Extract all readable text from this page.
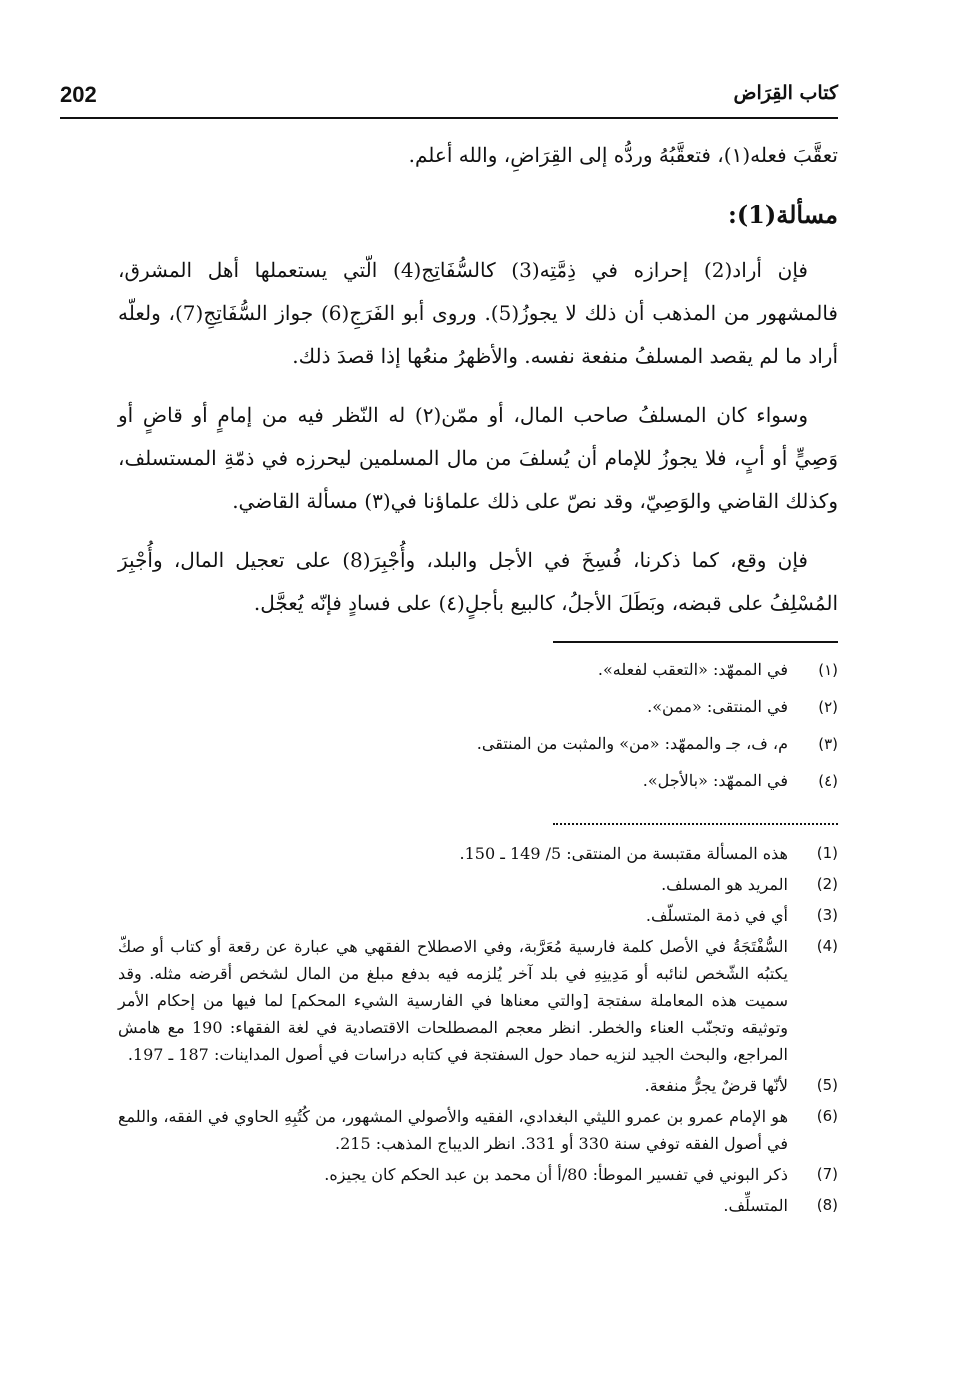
202	كتاب القِرَاض

تعقَّبَ فعله(١)، فتعقَّبُهُ وردُّه إلى القِرَاضِ، والله أعلم.

مسألة(1):

فإن أراد(2) إحرازه في ذِمَّتِه(3) كالسُّفَاتِج(4) الّتي يستعملها أهل المشرق، فالمشهور من المذهب أن ذلك لا يجوزُ(5). وروى أبو الفَرَجِ(6) جواز السُّفَاتِجِ(7)، ولعلّه أراد ما لم يقصد المسلفُ منفعة نفسه. والأظهرُ منعُها إذا قصدَ ذلك.

وسواء كان المسلفُ صاحب المال، أو ممّن(٢) له النّظر فيه من إمامٍ أو قاضٍ أو وَصِيٍّ أو أبٍ، فلا يجوزُ للإمام أن يُسلفَ من مال المسلمين ليحرزه في ذمّةِ المستسلف، وكذلك القاضي والوَصِيّ، وقد نصّ على ذلك علماؤنا في(٣) مسألة القاضي.

فإن وقع، كما ذكرنا، فُسِخَ في الأجل والبلد، وأُجْبِرَ(8) على تعجيل المال، وأُجْبِرَ المُسْلِفُ على قبضه، وبَطَلَ الأجلُ، كالبيع بأجلٍ(٤) على فسادٍ فإنّه يُعجَّل.

(١)
في الممهّد: «التعقب لفعله».
(٢)
في المنتقى: «ممن».
(٣)
م، ف، جـ والممهّد: «من» والمثبت من المنتقى.
(٤)
في الممهّد: «بالأجل».
(1)
هذه المسألة مقتبسة من المنتقى: 5/ 149 ـ 150.
(2)
المريد هو المسلف.
(3)
أي في ذمة المتسلّف.
(4)
السُّفْتَجَةُ في الأصل كلمة فارسية مُعَرَّبة، وفي الاصطلاح الفقهي هي عبارة عن رقعة أو كتاب أو صكّ يكتبُه الشّخص لنائبه أو مَدِينِهِ في بلد آخر يُلزمه فيه بدفع مبلغ من المال لشخص أقرضه مثله. وقد سميت هذه المعاملة سفتجة [والتي معناها في الفارسية الشيء المحكم] لما فيها من إحكام الأمر وتوثيقه وتجنّب العناء والخطر. انظر معجم المصطلحات الاقتصادية في لغة الفقهاء: 190 مع هامش المراجع، والبحث الجيد لنزيه حماد حول السفتجة في كتابه دراسات في أصول المداينات: 187 ـ 197.
(5)
لأنّها قرضٌ يجرُّ منفعة.
(6)
هو الإمام عمرو بن عمرو الليثي البغدادي، الفقيه والأصولي المشهور، من كُتُبِهِ الحاوي في الفقه، واللمع في أصول الفقه توفي سنة 330 أو 331. انظر الديباج المذهب: 215.
(7)
ذكر البوني في تفسير الموطأ: 80/أ أن محمد بن عبد الحكم كان يجيزه.
(8)
المتسلِّف.
